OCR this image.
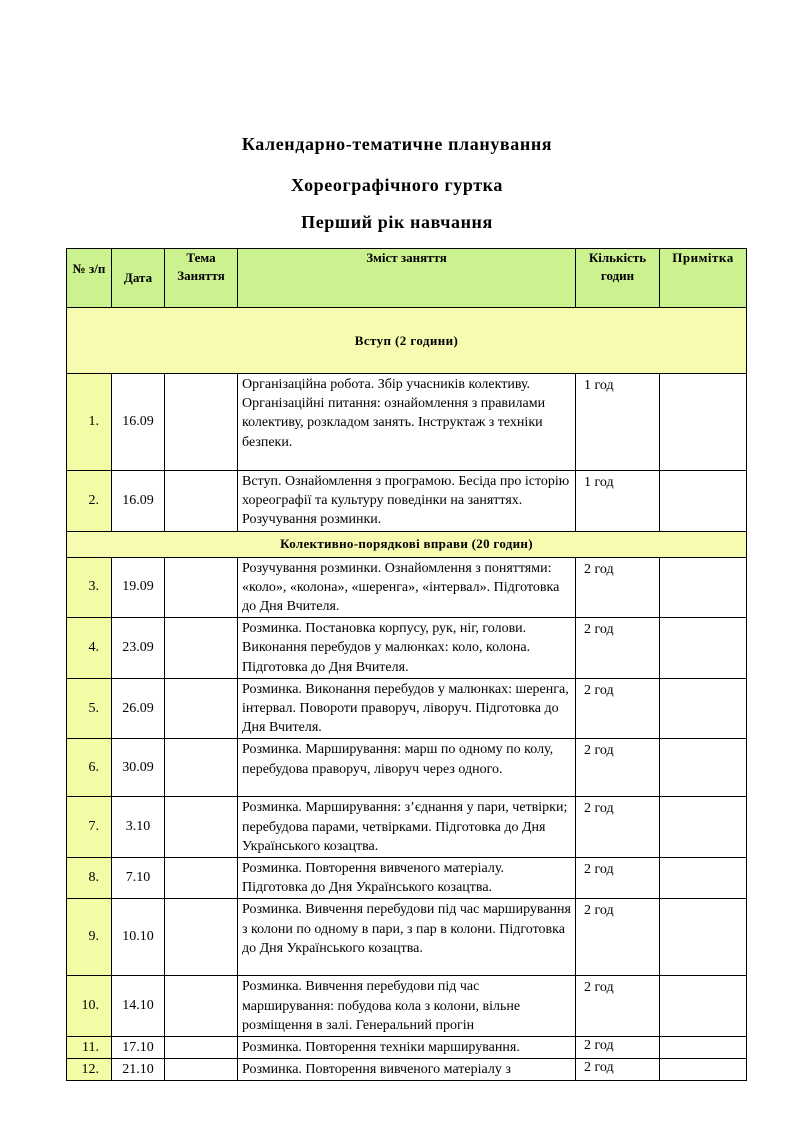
Календарно-тематичне планування
Хореографічного гуртка
Перший рік навчання
№ з/п	Дата	Тема Заняття	Зміст заняття	Кількість годин	Примітка
Вступ (2 години)					
1.	16.09		Організаційна робота. Збір учасників колективу. Організаційні питання: ознайомлення з правилами колективу, розкладом занять. Інструктаж з техніки безпеки.	1 год	
2.	16.09		Вступ. Ознайомлення з програмою. Бесіда про історію хореографії та культуру поведінки на заняттях. Розучування розминки.	1 год	
Колективно-порядкові вправи (20 годин)					
3.	19.09		Розучування розминки. Ознайомлення з поняттями: «коло», «колона», «шеренга», «інтервал». Підготовка до Дня Вчителя.	2 год	
4.	23.09		Розминка. Постановка корпусу, рук, ніг, голови. Виконання перебудов у малюнках: коло, колона. Підготовка до Дня Вчителя.	2 год	
5.	26.09		Розминка. Виконання перебудов у малюнках: шеренга, інтервал. Повороти праворуч, ліворуч. Підготовка до Дня Вчителя.	2 год	
6.	30.09		Розминка. Марширування: марш по одному по колу, перебудова праворуч, ліворуч через одного.	2 год	
7.	3.10		Розминка. Марширування: з’єднання у пари, четвірки; перебудова парами, четвірками. Підготовка до Дня Українського козацтва.	2 год	
8.	7.10		Розминка. Повторення вивченого матеріалу. Підготовка до Дня Українського козацтва.	2 год	
9.	10.10		Розминка. Вивчення перебудови під час марширування з колони по одному в пари, з пар в колони. Підготовка до Дня Українського козацтва.	2 год	
10.	14.10		Розминка. Вивчення перебудови під час марширування: побудова кола з колони, вільне розміщення в залі. Генеральний прогін	2 год	
11.	17.10		Розминка. Повторення техніки марширування.	2 год	
12.	21.10		Розминка. Повторення вивченого матеріалу з	2 год	
